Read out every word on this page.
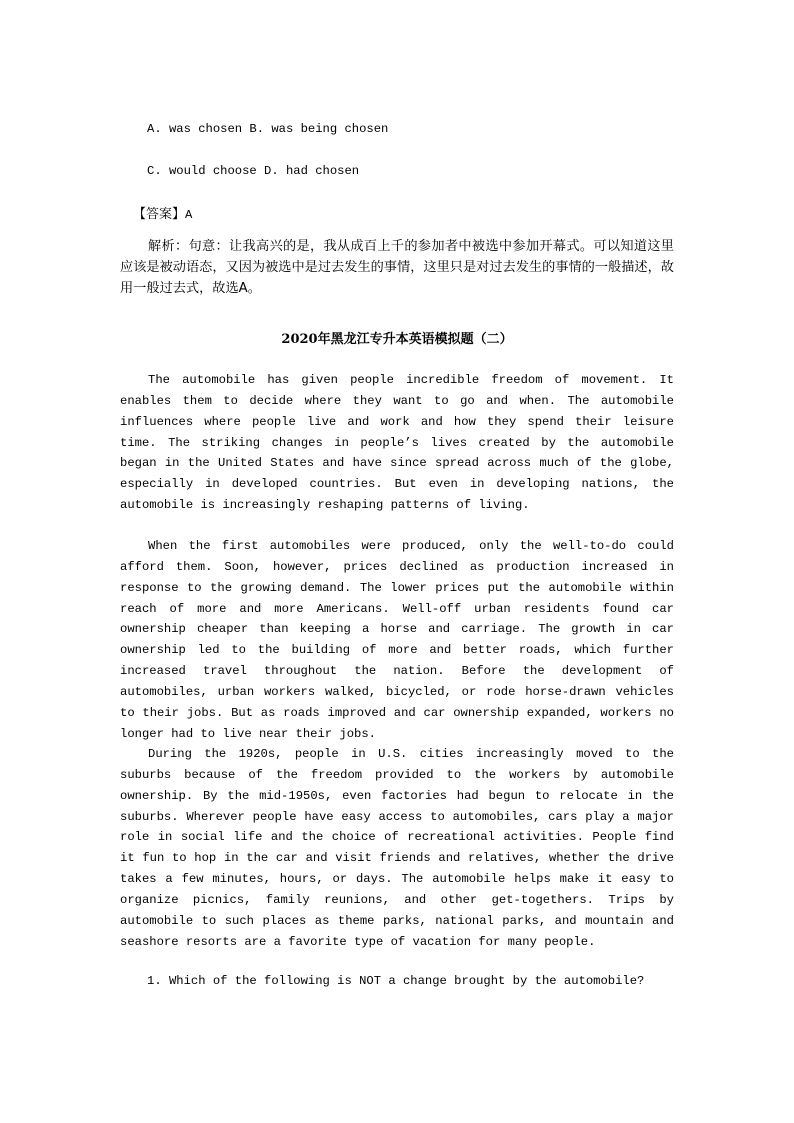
A. was chosen B. was being chosen
C. would choose D. had chosen
【答案】A
解析：句意：让我高兴的是，我从成百上千的参加者中被选中参加开幕式。可以知道这里应该是被动语态，又因为被选中是过去发生的事情，这里只是对过去发生的事情的一般描述，故用一般过去式，故选A。
2020年黑龙江专升本英语模拟题（二）
The automobile has given people incredible freedom of movement. It enables them to decide where they want to go and when. The automobile influences where people live and work and how they spend their leisure time. The striking changes in people’s lives created by the automobile began in the United States and have since spread across much of the globe, especially in developed countries. But even in developing nations, the automobile is increasingly reshaping patterns of living.
When the first automobiles were produced, only the well-to-do could afford them. Soon, however, prices declined as production increased in response to the growing demand. The lower prices put the automobile within reach of more and more Americans. Well-off urban residents found car ownership cheaper than keeping a horse and carriage. The growth in car ownership led to the building of more and better roads, which further increased travel throughout the nation. Before the development of automobiles, urban workers walked, bicycled, or rode horse-drawn vehicles to their jobs. But as roads improved and car ownership expanded, workers no longer had to live near their jobs.
During the 1920s, people in U.S. cities increasingly moved to the suburbs because of the freedom provided to the workers by automobile ownership. By the mid-1950s, even factories had begun to relocate in the suburbs. Wherever people have easy access to automobiles, cars play a major role in social life and the choice of recreational activities. People find it fun to hop in the car and visit friends and relatives, whether the drive takes a few minutes, hours, or days. The automobile helps make it easy to organize picnics, family reunions, and other get-togethers. Trips by automobile to such places as theme parks, national parks, and mountain and seashore resorts are a favorite type of vacation for many people.
1. Which of the following is NOT a change brought by the automobile?
